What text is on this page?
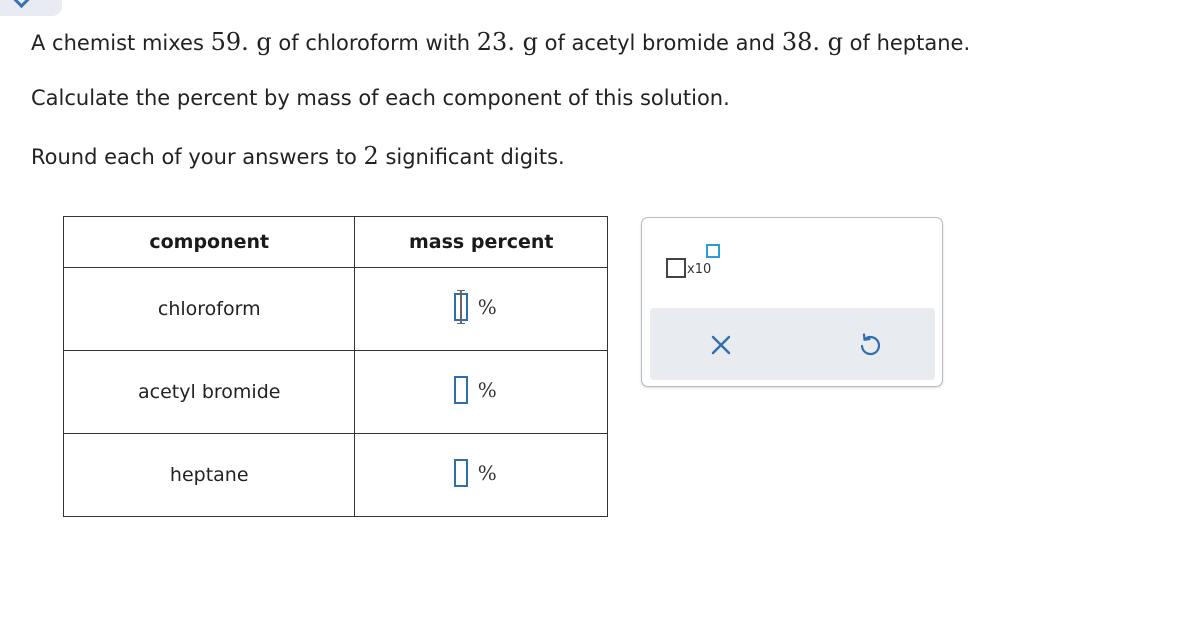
A chemist mixes 59. g of chloroform with 23. g of acetyl bromide and 38. g of heptane.
Calculate the percent by mass of each component of this solution.
Round each of your answers to 2 significant digits.
component	mass percent
chloroform	%

acetyl bromide	%

heptane	%
x10
